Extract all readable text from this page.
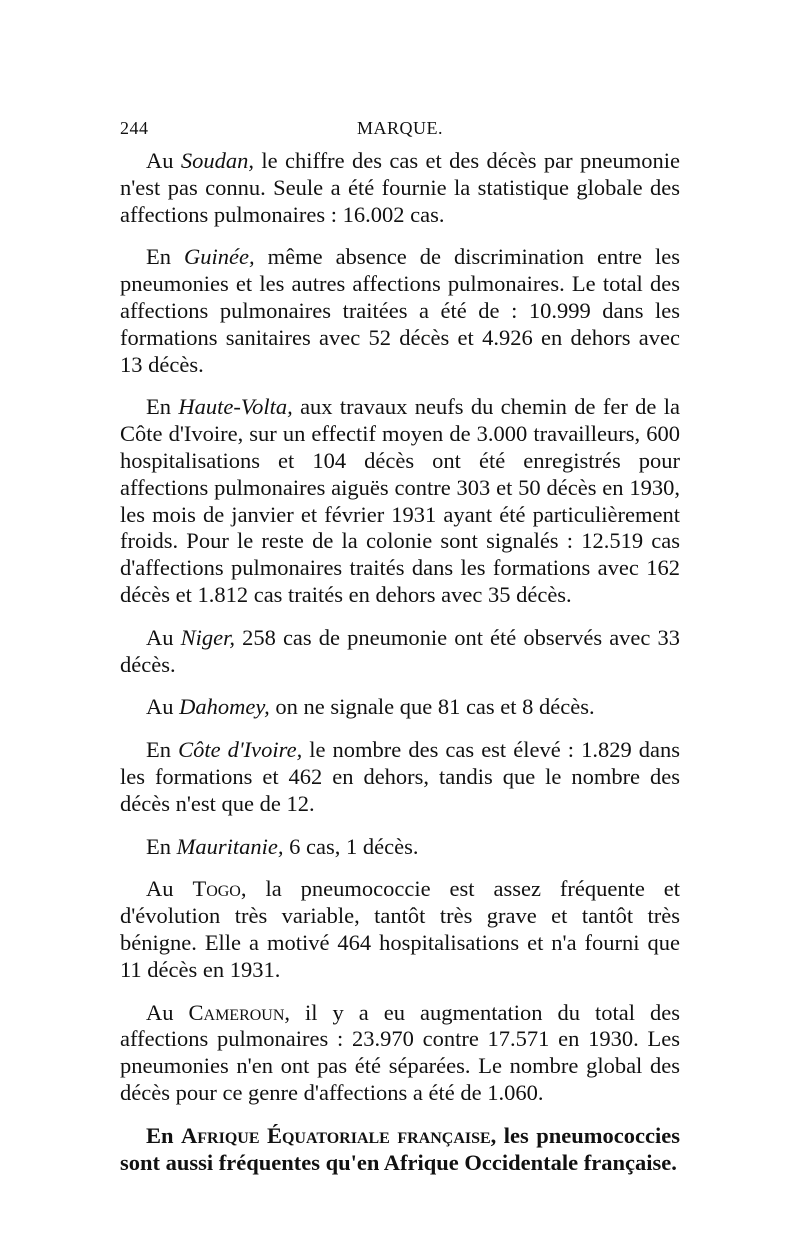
244	MARQUE.

Au Soudan, le chiffre des cas et des décès par pneumonie n'est pas connu. Seule a été fournie la statistique globale des affections pulmonaires : 16.002 cas.

En Guinée, même absence de discrimination entre les pneumonies et les autres affections pulmonaires. Le total des affections pulmonaires traitées a été de : 10.999 dans les formations sanitaires avec 52 décès et 4.926 en dehors avec 13 décès.

En Haute-Volta, aux travaux neufs du chemin de fer de la Côte d'Ivoire, sur un effectif moyen de 3.000 travailleurs, 600 hospitalisations et 104 décès ont été enregistrés pour affections pulmonaires aiguës contre 303 et 50 décès en 1930, les mois de janvier et février 1931 ayant été particulièrement froids. Pour le reste de la colonie sont signalés : 12.519 cas d'affections pulmonaires traités dans les formations avec 162 décès et 1.812 cas traités en dehors avec 35 décès.

Au Niger, 258 cas de pneumonie ont été observés avec 33 décès.

Au Dahomey, on ne signale que 81 cas et 8 décès.

En Côte d'Ivoire, le nombre des cas est élevé : 1.829 dans les formations et 462 en dehors, tandis que le nombre des décès n'est que de 12.

En Mauritanie, 6 cas, 1 décès.

Au Togo, la pneumococcie est assez fréquente et d'évolution très variable, tantôt très grave et tantôt très bénigne. Elle a motivé 464 hospitalisations et n'a fourni que 11 décès en 1931.

Au Cameroun, il y a eu augmentation du total des affections pulmonaires : 23.970 contre 17.571 en 1930. Les pneumonies n'en ont pas été séparées. Le nombre global des décès pour ce genre d'affections a été de 1.060.

En Afrique Équatoriale française, les pneumococcies sont aussi fréquentes qu'en Afrique Occidentale française.
